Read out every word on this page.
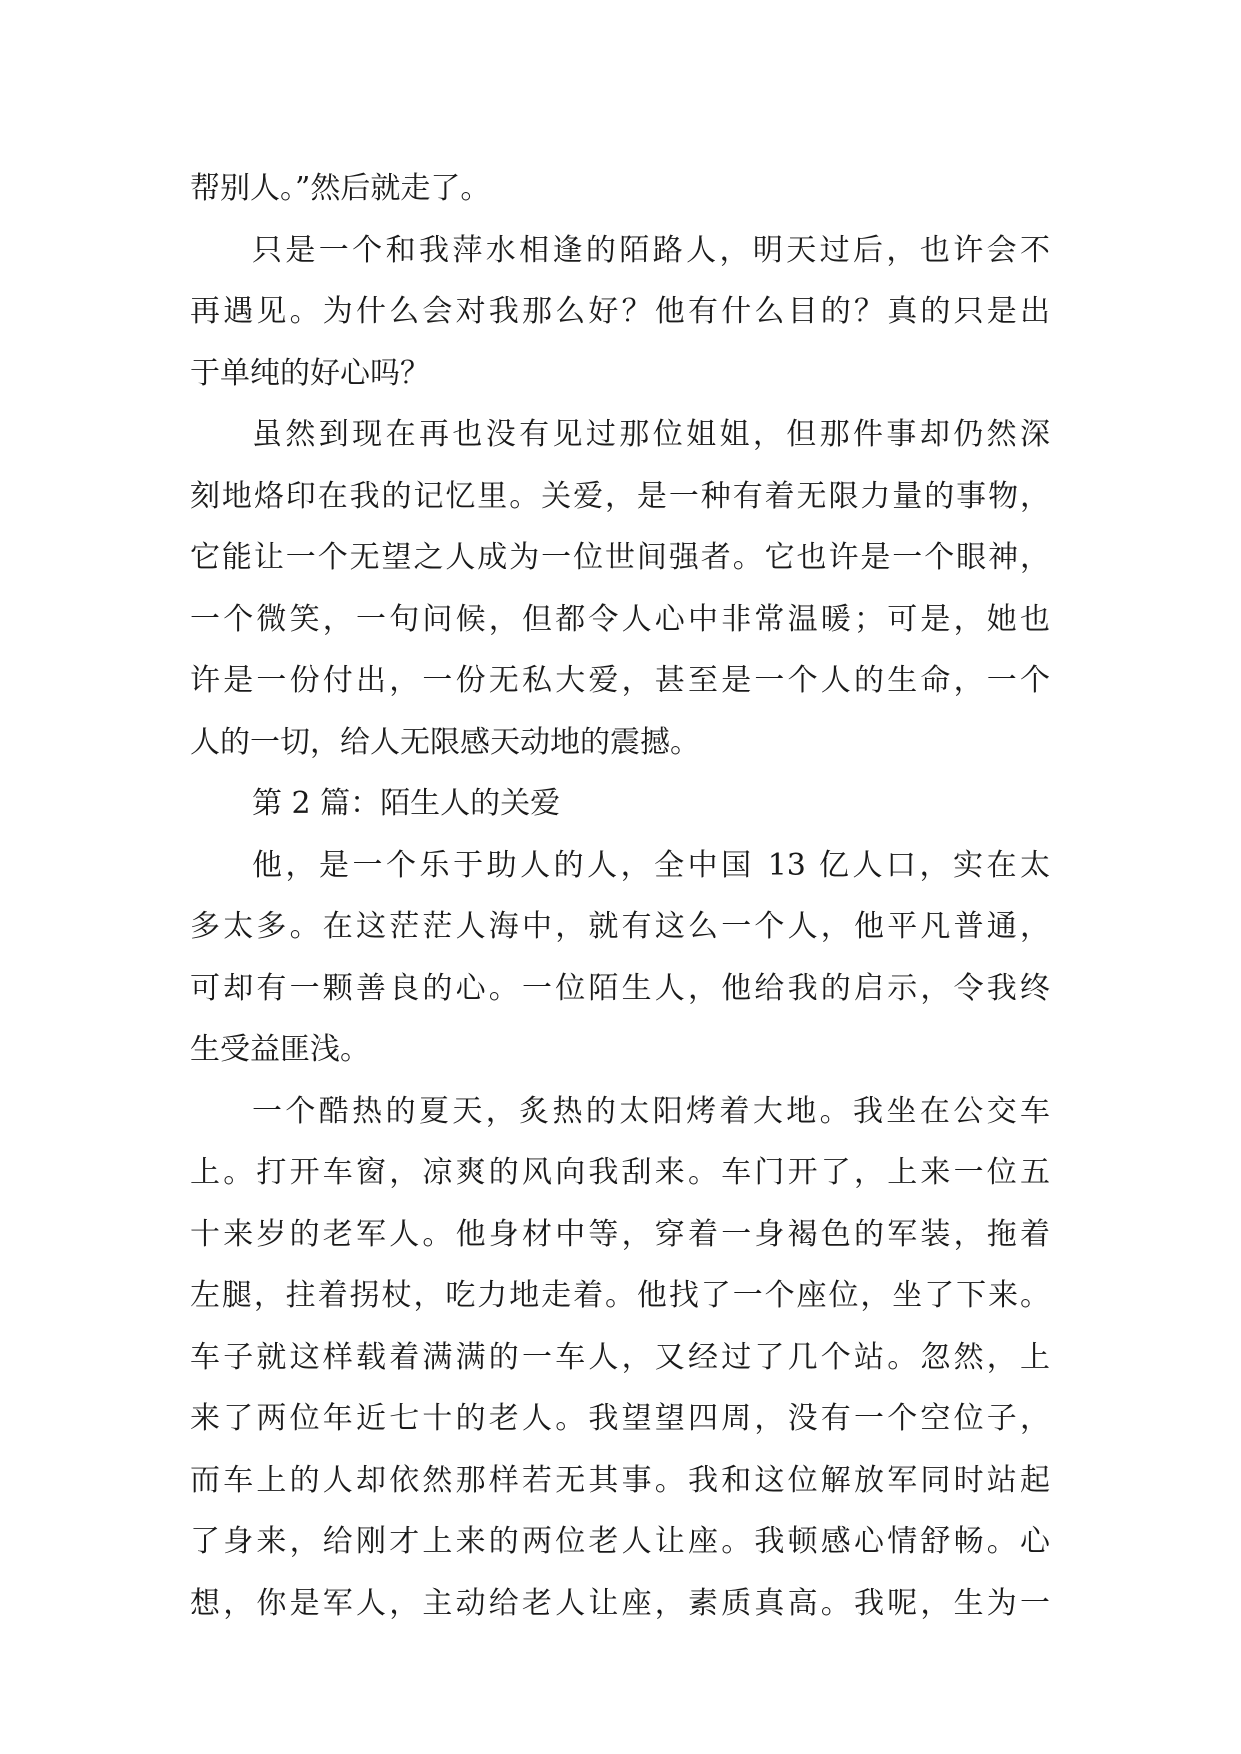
帮别人。”然后就走了。
只是一个和我萍水相逢的陌路人，明天过后，也许会不
再遇见。为什么会对我那么好？他有什么目的？真的只是出
于单纯的好心吗？
虽然到现在再也没有见过那位姐姐，但那件事却仍然深
刻地烙印在我的记忆里。关爱，是一种有着无限力量的事物，
它能让一个无望之人成为一位世间强者。它也许是一个眼神，
一个微笑，一句问候，但都令人心中非常温暖；可是，她也
许是一份付出，一份无私大爱，甚至是一个人的生命，一个
人的一切，给人无限感天动地的震撼。
第 2 篇：陌生人的关爱
他，是一个乐于助人的人，全中国 13 亿人口，实在太
多太多。在这茫茫人海中，就有这么一个人，他平凡普通，
可却有一颗善良的心。一位陌生人，他给我的启示，令我终
生受益匪浅。
一个酷热的夏天，炙热的太阳烤着大地。我坐在公交车
上。打开车窗，凉爽的风向我刮来。车门开了，上来一位五
十来岁的老军人。他身材中等，穿着一身褐色的军装，拖着
左腿，拄着拐杖，吃力地走着。他找了一个座位，坐了下来。
车子就这样载着满满的一车人，又经过了几个站。忽然，上
来了两位年近七十的老人。我望望四周，没有一个空位子，
而车上的人却依然那样若无其事。我和这位解放军同时站起
了身来，给刚才上来的两位老人让座。我顿感心情舒畅。心
想，你是军人，主动给老人让座，素质真高。我呢，生为一
